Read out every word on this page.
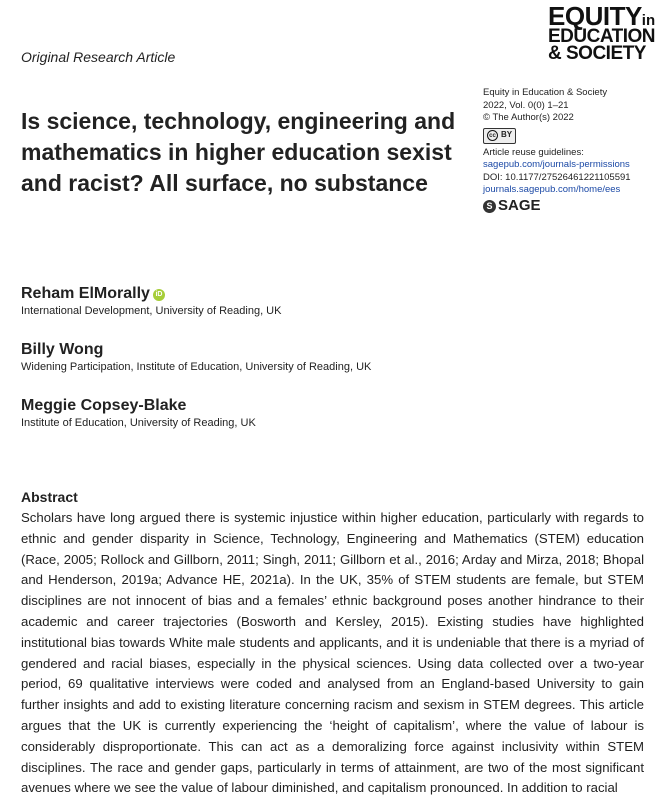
Original Research Article
EQUITYin
EDUCATION
& SOCIETY
Is science, technology, engineering and mathematics in higher education sexist and racist? All surface, no substance
Equity in Education & Society
2022, Vol. 0(0) 1–21
© The Author(s) 2022
cc BY
Article reuse guidelines:
sagepub.com/journals-permissions
DOI: 10.1177/27526461221105591
journals.sagepub.com/home/ees
S SAGE
Reham ElMorally iD
International Development, University of Reading, UK
Billy Wong
Widening Participation, Institute of Education, University of Reading, UK
Meggie Copsey-Blake
Institute of Education, University of Reading, UK
Abstract
Scholars have long argued there is systemic injustice within higher education, particularly with regards to ethnic and gender disparity in Science, Technology, Engineering and Mathematics (STEM) education (Race, 2005; Rollock and Gillborn, 2011; Singh, 2011; Gillborn et al., 2016; Arday and Mirza, 2018; Bhopal and Henderson, 2019a; Advance HE, 2021a). In the UK, 35% of STEM students are female, but STEM disciplines are not innocent of bias and a females’ ethnic background poses another hindrance to their academic and career trajectories (Bosworth and Kersley, 2015). Existing studies have highlighted institutional bias towards White male students and applicants, and it is undeniable that there is a myriad of gendered and racial biases, especially in the physical sciences. Using data collected over a two-year period, 69 qualitative interviews were coded and analysed from an England-based University to gain further insights and add to existing literature concerning racism and sexism in STEM degrees. This article argues that the UK is currently experiencing the ‘height of capitalism’, where the value of labour is considerably disproportionate. This can act as a demoralizing force against inclusivity within STEM disciplines. The race and gender gaps, particularly in terms of attainment, are two of the most significant avenues where we see the value of labour diminished, and capitalism pronounced. In addition to racial
